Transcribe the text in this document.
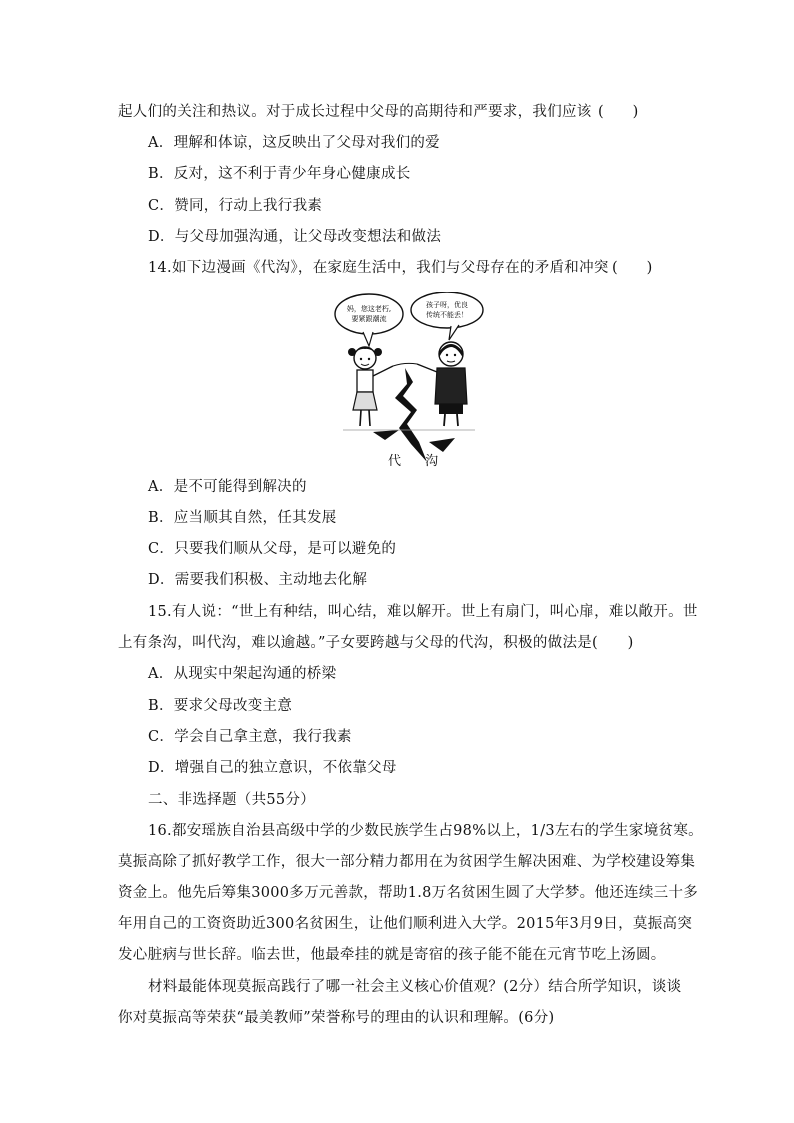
起人们的关注和热议。对于成长过程中父母的高期待和严要求，我们应该 (　　)
A．理解和体谅，这反映出了父母对我们的爱
B．反对，这不利于青少年身心健康成长
C．赞同，行动上我行我素
D．与父母加强沟通，让父母改变想法和做法
14.如下边漫画《代沟》，在家庭生活中，我们与父母存在的矛盾和冲突 (　　)
妈，您这老朽,
要紧跟潮流
孩子呀，优良
传统不能丢！
代 沟
A．是不可能得到解决的
B．应当顺其自然，任其发展
C．只要我们顺从父母，是可以避免的
D．需要我们积极、主动地去化解
15.有人说：“世上有种结，叫心结，难以解开。世上有扇门，叫心扉，难以敞开。世
上有条沟，叫代沟，难以逾越。”子女要跨越与父母的代沟，积极的做法是(　　)
A．从现实中架起沟通的桥梁
B．要求父母改变主意
C．学会自己拿主意，我行我素
D．增强自己的独立意识，不依靠父母
二、非选择题（共55分）
16.都安瑶族自治县高级中学的少数民族学生占98%以上，1/3左右的学生家境贫寒。
莫振高除了抓好教学工作，很大一部分精力都用在为贫困学生解决困难、为学校建设筹集
资金上。他先后筹集3000多万元善款，帮助1.8万名贫困生圆了大学梦。他还连续三十多
年用自己的工资资助近300名贫困生，让他们顺利进入大学。2015年3月9日，莫振高突
发心脏病与世长辞。临去世，他最牵挂的就是寄宿的孩子能不能在元宵节吃上汤圆。
材料最能体现莫振高践行了哪一社会主义核心价值观？(2分）结合所学知识，谈谈
你对莫振高等荣获“最美教师”荣誉称号的理由的认识和理解。(6分)
